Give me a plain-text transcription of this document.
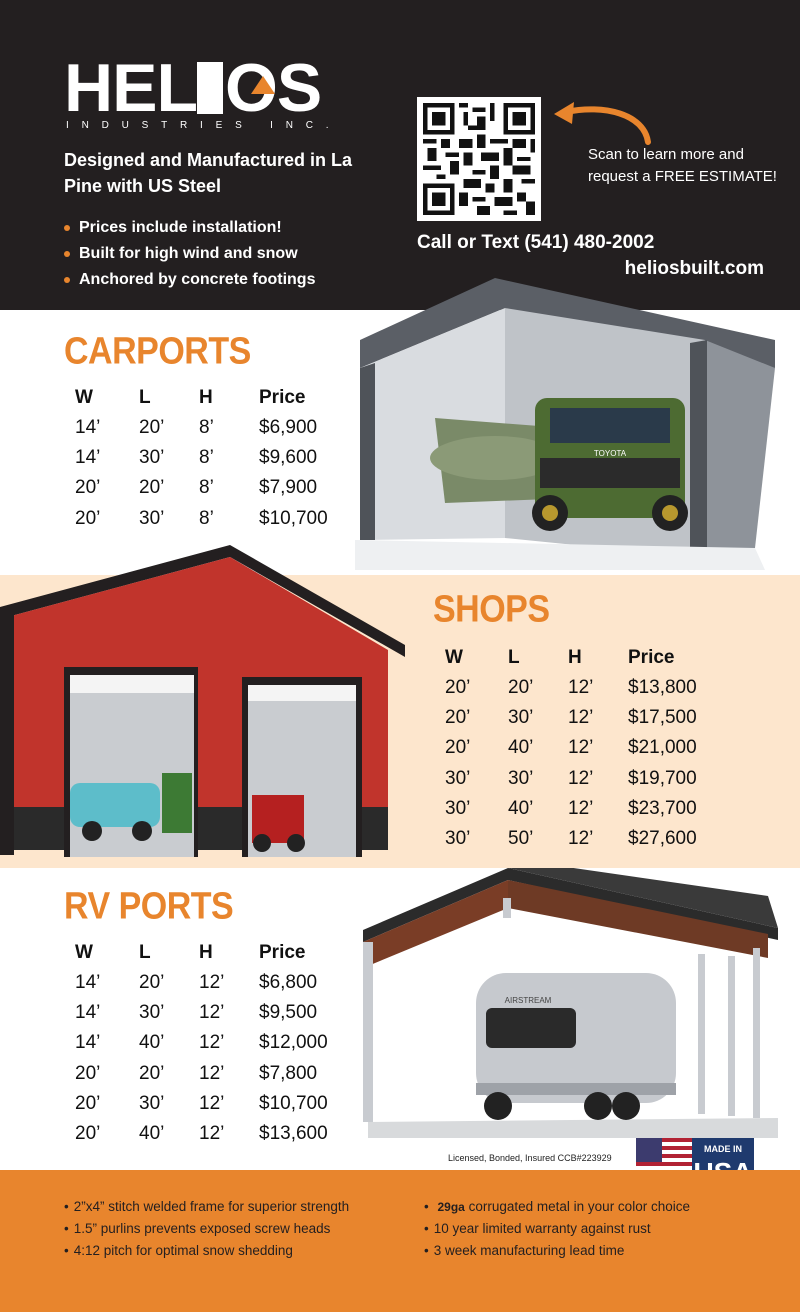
HEL OS
INDUSTRIES INC.
Designed and Manufactured in La Pine with US Steel
Prices include installation!
Built for high wind and snow
Anchored by concrete footings
Scan to learn more and request a FREE ESTIMATE!
Call or Text (541) 480-2002
heliosbuilt.com
CARPORTS
W	L	H	Price
14’	20’	8’	$6,900
14’	30’	8’	$9,600
20’	20’	8’	$7,900
20’	30’	8’	$10,700
TOYOTA
SHOPS
W	L	H	Price
20’	20’	12’	$13,800
20’	30’	12’	$17,500
20’	40’	12’	$21,000
30’	30’	12’	$19,700
30’	40’	12’	$23,700
30’	50’	12’	$27,600
RV PORTS
W	L	H	Price
14’	20’	12’	$6,800
14’	30’	12’	$9,500
14’	40’	12’	$12,000
20’	20’	12’	$7,800
20’	30’	12’	$10,700
20’	40’	12’	$13,600
AIRSTREAM
Licensed, Bonded, Insured CCB#223929
MADE IN
• 2”x4” stitch welded frame for superior strength
• 1.5” purlins prevents exposed screw heads
• 4:12 pitch for optimal snow shedding
• 29ga corrugated metal in your color choice
• 10 year limited warranty against rust
• 3 week manufacturing lead time
